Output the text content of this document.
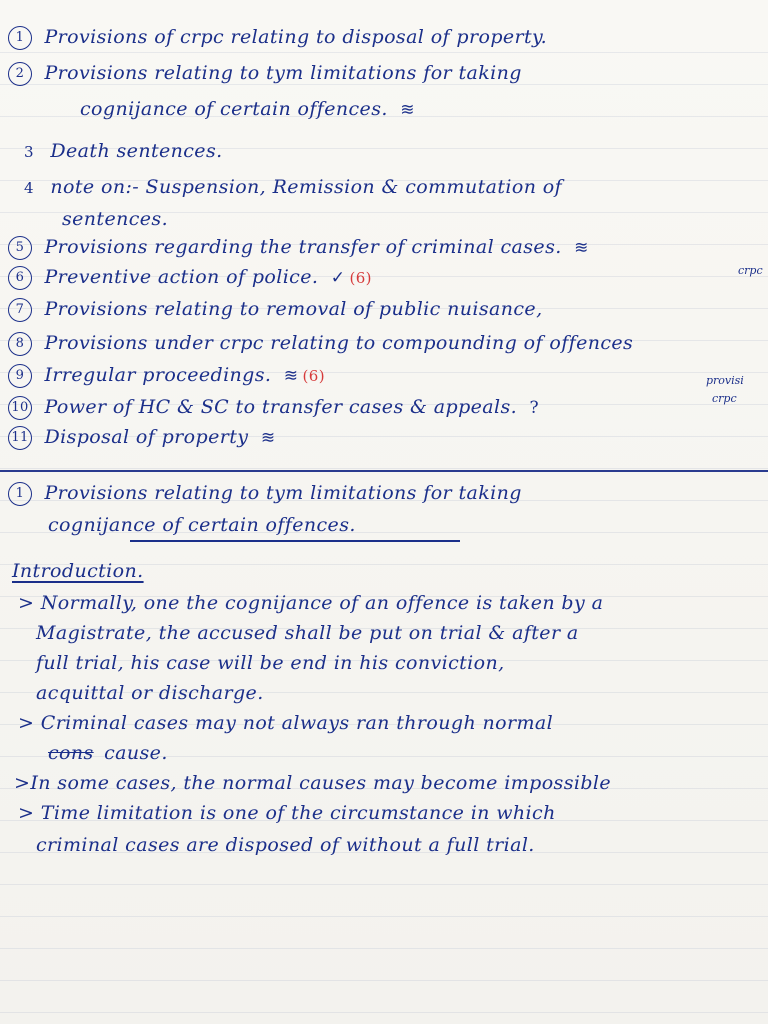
1 Provisions of crpc relating to disposal of property.
2 Provisions relating to tym limitations for taking
cognijance of certain offences. ≋
3 Death sentences.
4 note on:- Suspension, Remission & commutation of
sentences.
5 Provisions regarding the transfer of criminal cases. ≋
6 Preventive action of police. ✓ (6)
7 Provisions relating to removal of public nuisance,
crpc
8 Provisions under crpc relating to compounding of offences
9 Irregular proceedings. ≋ (6)
10 Power of HC & SC to transfer cases & appeals. ?
provisi
crpc
11 Disposal of property ≋
1 Provisions relating to tym limitations for taking
cognijance of certain offences.
Introduction.
> Normally, one the cognijance of an offence is taken by a
Magistrate, the accused shall be put on trial & after a
full trial, his case will be end in his conviction,
acquittal or discharge.
> Criminal cases may not always ran through normal
cons cause.
>In some cases, the normal causes may become impossible
> Time limitation is one of the circumstance in which
criminal cases are disposed of without a full trial.
